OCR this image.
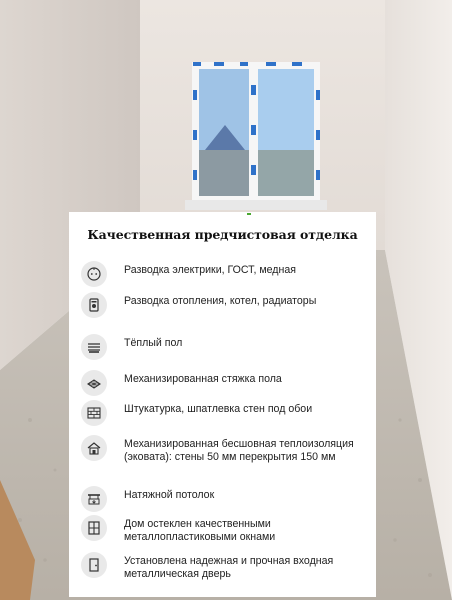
Качественная предчистовая отделка
Разводка электрики, ГОСТ, медная
Разводка отопления, котел, радиаторы
Тёплый пол
Механизированная стяжка пола
Штукатурка, шпатлевка стен под обои
Механизированная бесшовная теплоизоляция (эковата): стены 50 мм перекрытия 150 мм
Натяжной потолок
Дом остеклен качественными металлопластиковыми окнами
Установлена надежная и прочная входная металлическая дверь
